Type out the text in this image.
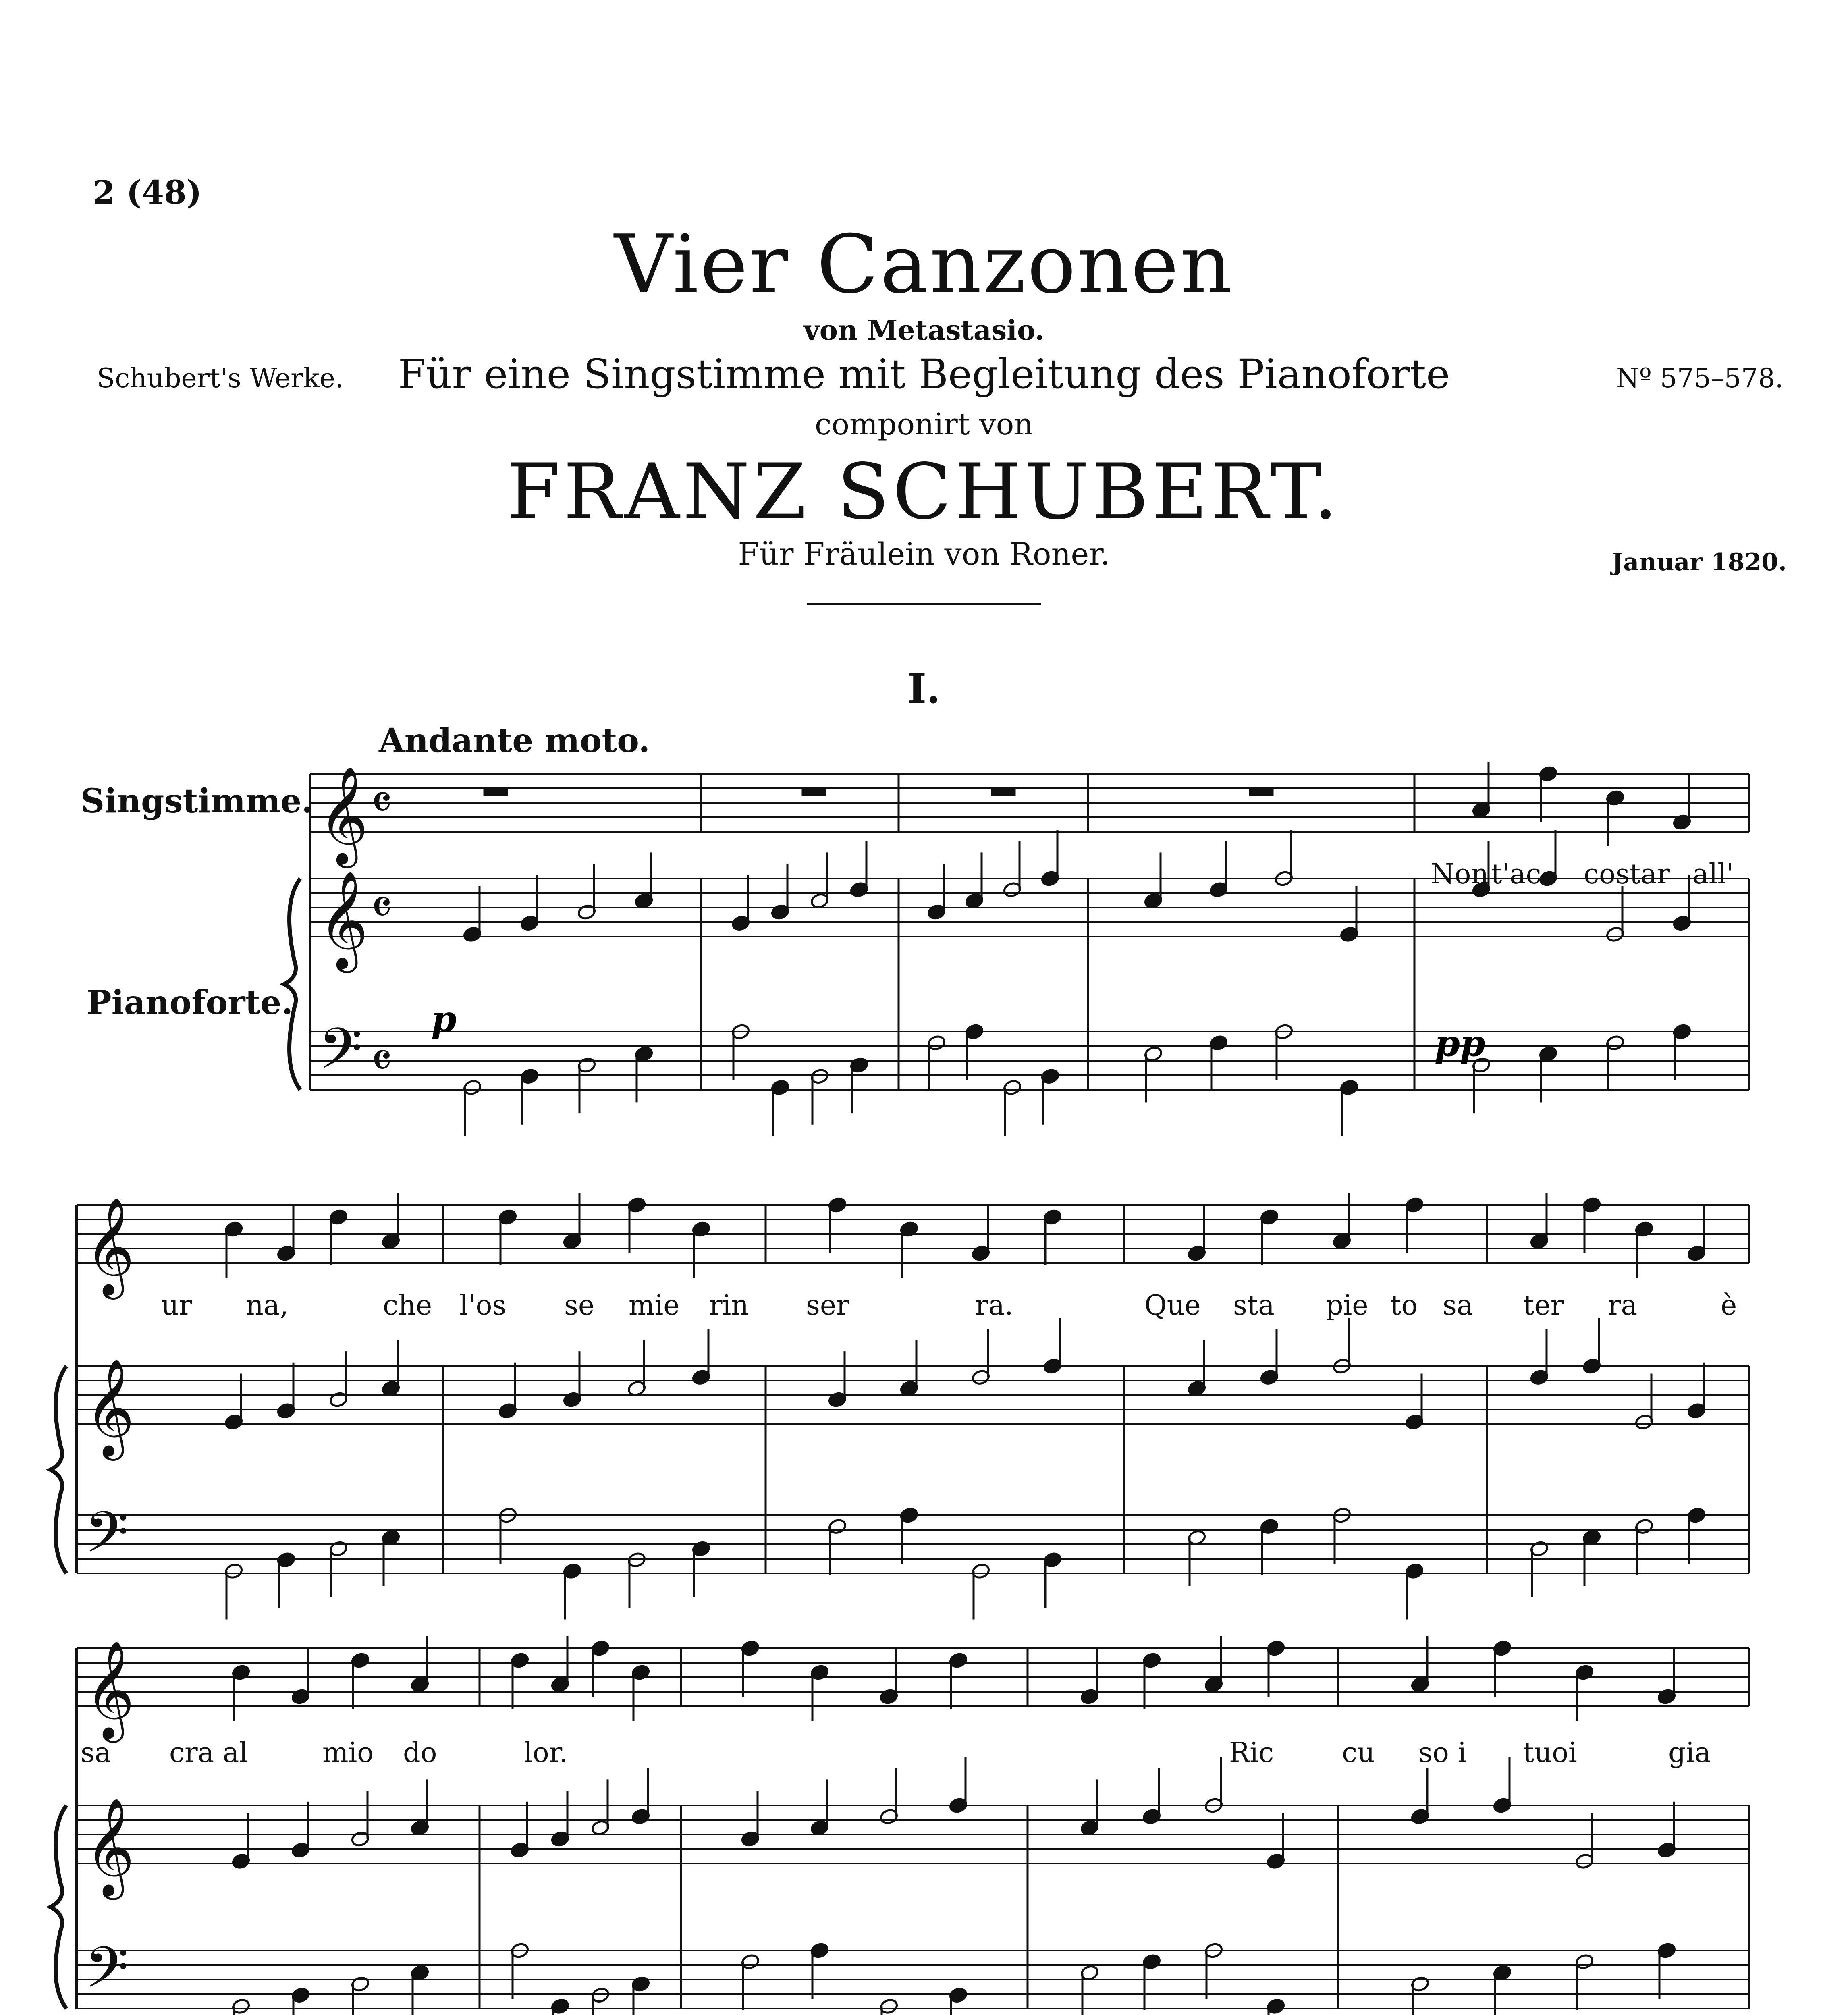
2 (48)
Vier Canzonen
von Metastasio.
Für eine Singstimme mit Begleitung des Pianoforte
componirt von
FRANZ SCHUBERT.
Für Fräulein von Roner.
Schubert's Werke.	Nº 575–578.
Januar 1820.
I.
Andante moto.
Singstimme.
Pianoforte.
𝄞
𝄞
𝄢
𝄴
𝄴
𝄴
𝄞
𝄞
𝄢
𝄞
𝄞
𝄢
p
pp
Non t'ac costar all'
ur na,	che l'os se mie rin ser	ra.	Que sta pie to sa ter ra	è
sa cra al	mio do	lor.	Ric cu so i tuoi	gia
